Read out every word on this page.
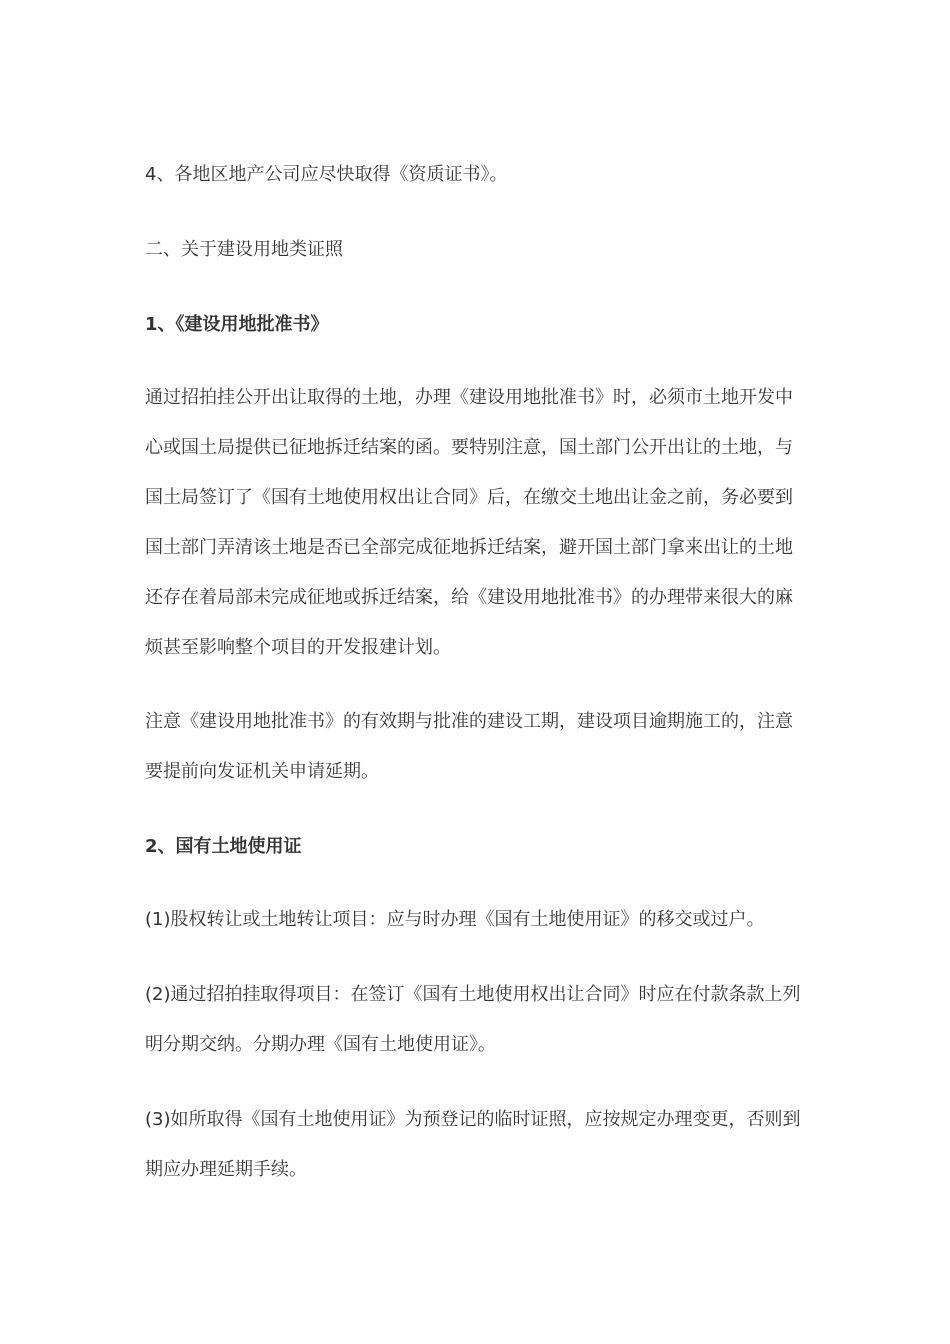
4、各地区地产公司应尽快取得《资质证书》。

二、关于建设用地类证照

1、《建设用地批准书》

通过招拍挂公开出让取得的土地，办理《建设用地批准书》时，必须市土地开发中心或国土局提供已征地拆迁结案的函。要特别注意，国土部门公开出让的土地，与国土局签订了《国有土地使用权出让合同》后，在缴交土地出让金之前，务必要到国土部门弄清该土地是否已全部完成征地拆迁结案，避开国土部门拿来出让的土地还存在着局部未完成征地或拆迁结案，给《建设用地批准书》的办理带来很大的麻烦甚至影响整个项目的开发报建计划。

注意《建设用地批准书》的有效期与批准的建设工期，建设项目逾期施工的，注意要提前向发证机关申请延期。

2、国有土地使用证

(1)股权转让或土地转让项目：应与时办理《国有土地使用证》的移交或过户。

(2)通过招拍挂取得项目：在签订《国有土地使用权出让合同》时应在付款条款上列明分期交纳。分期办理《国有土地使用证》。

(3)如所取得《国有土地使用证》为预登记的临时证照，应按规定办理变更，否则到期应办理延期手续。
